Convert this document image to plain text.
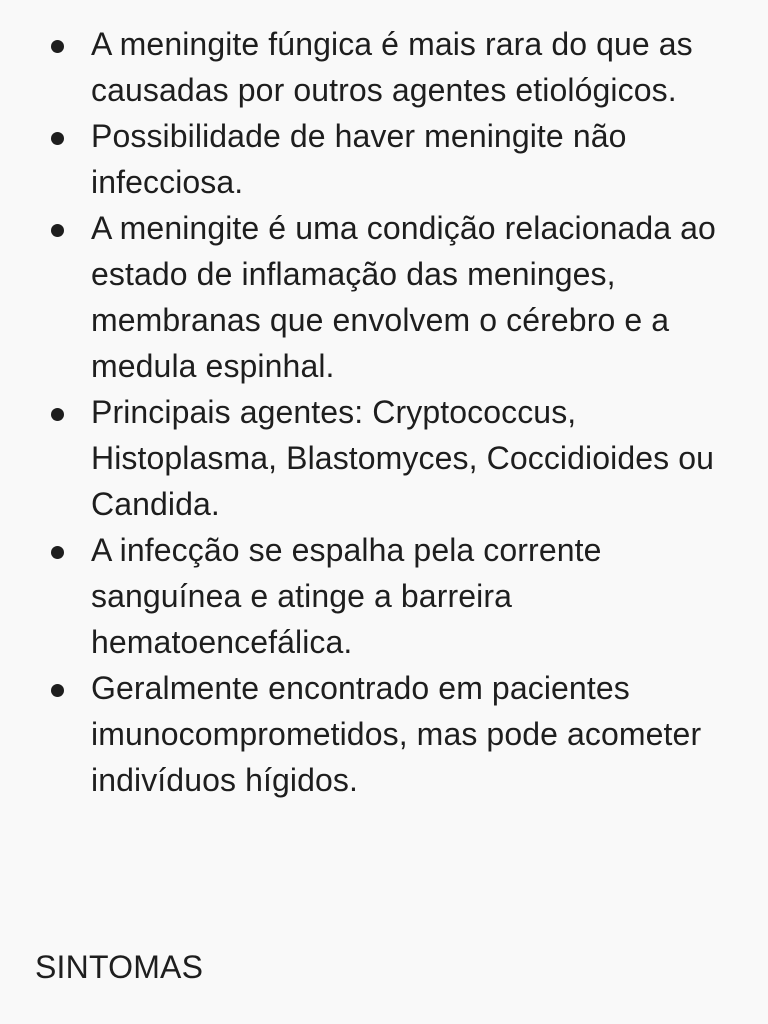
A meningite fúngica é mais rara do que as causadas por outros agentes etiológicos.
Possibilidade de haver meningite não infecciosa.
A meningite é uma condição relacionada ao estado de inflamação das meninges, membranas que envolvem o cérebro e a medula espinhal.
Principais agentes: Cryptococcus, Histoplasma, Blastomyces, Coccidioides ou Candida.
A infecção se espalha pela corrente sanguínea e atinge a barreira hematoencefálica.
Geralmente encontrado em pacientes imunocomprometidos, mas pode acometer indivíduos hígidos.
SINTOMAS
